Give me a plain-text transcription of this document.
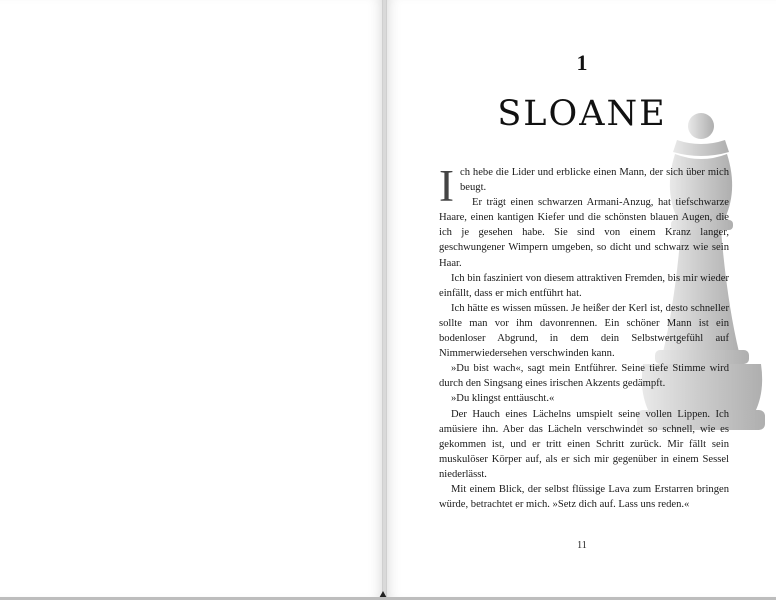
1
SLOANE

Ich hebe die Lider und erblicke einen Mann, der sich über mich beugt.

Er trägt einen schwarzen Armani-Anzug, hat tiefschwarze Haare, einen kantigen Kiefer und die schönsten blauen Augen, die ich je gesehen habe. Sie sind von einem Kranz langer, geschwungener Wimpern umgeben, so dicht und schwarz wie sein Haar.

Ich bin fasziniert von diesem attraktiven Fremden, bis mir wieder einfällt, dass er mich entführt hat.

Ich hätte es wissen müssen. Je heißer der Kerl ist, desto schneller sollte man vor ihm davonrennen. Ein schöner Mann ist ein bodenloser Abgrund, in dem dein Selbstwertgefühl auf Nimmerwiedersehen verschwinden kann.

»Du bist wach«, sagt mein Entführer. Seine tiefe Stimme wird durch den Singsang eines irischen Akzents gedämpft.

»Du klingst enttäuscht.«

Der Hauch eines Lächelns umspielt seine vollen Lippen. Ich amüsiere ihn. Aber das Lächeln verschwindet so schnell, wie es gekommen ist, und er tritt einen Schritt zurück. Mir fällt sein muskulöser Körper auf, als er sich mir gegenüber in einem Sessel niederlässt.

Mit einem Blick, der selbst flüssige Lava zum Erstarren bringen würde, betrachtet er mich. »Setz dich auf. Lass uns reden.«

11
